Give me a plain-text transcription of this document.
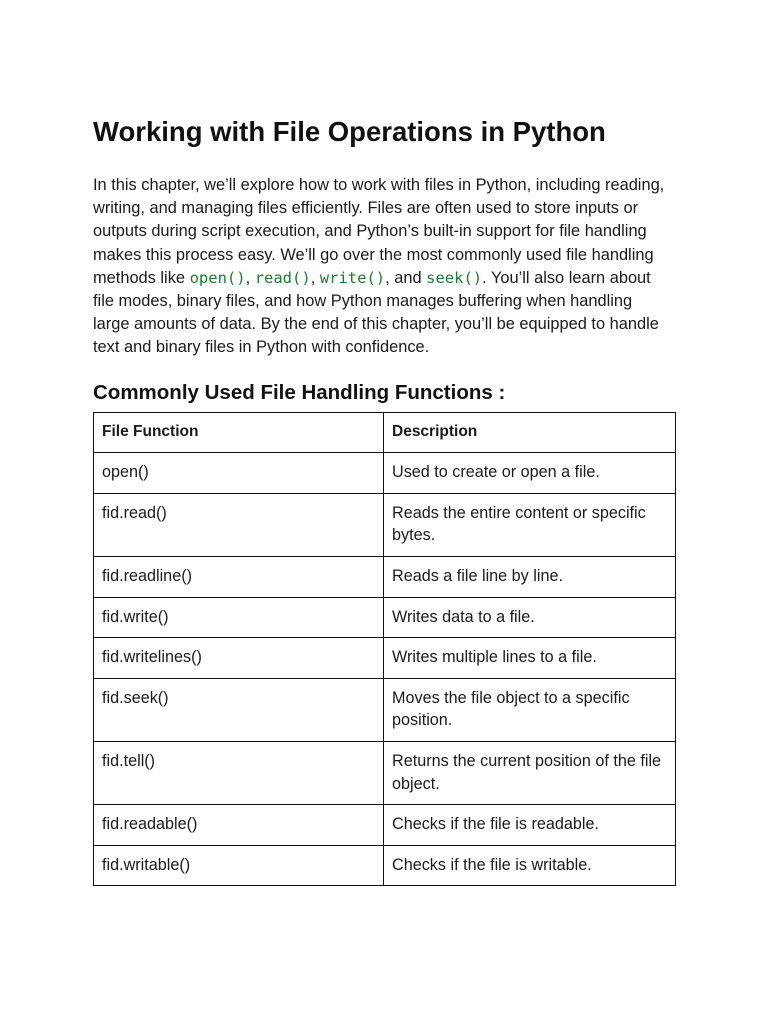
Working with File Operations in Python

In this chapter, we’ll explore how to work with files in Python, including reading, writing, and managing files efficiently. Files are often used to store inputs or outputs during script execution, and Python’s built-in support for file handling makes this process easy. We’ll go over the most commonly used file handling methods like open(), read(), write(), and seek(). You’ll also learn about file modes, binary files, and how Python manages buffering when handling large amounts of data. By the end of this chapter, you’ll be equipped to handle text and binary files in Python with confidence.

Commonly Used File Handling Functions :
File Function	Description
open()	Used to create or open a file.
fid.read()	Reads the entire content or specific bytes.
fid.readline()	Reads a file line by line.
fid.write()	Writes data to a file.
fid.writelines()	Writes multiple lines to a file.
fid.seek()	Moves the file object to a specific position.
fid.tell()	Returns the current position of the file object.
fid.readable()	Checks if the file is readable.
fid.writable()	Checks if the file is writable.
